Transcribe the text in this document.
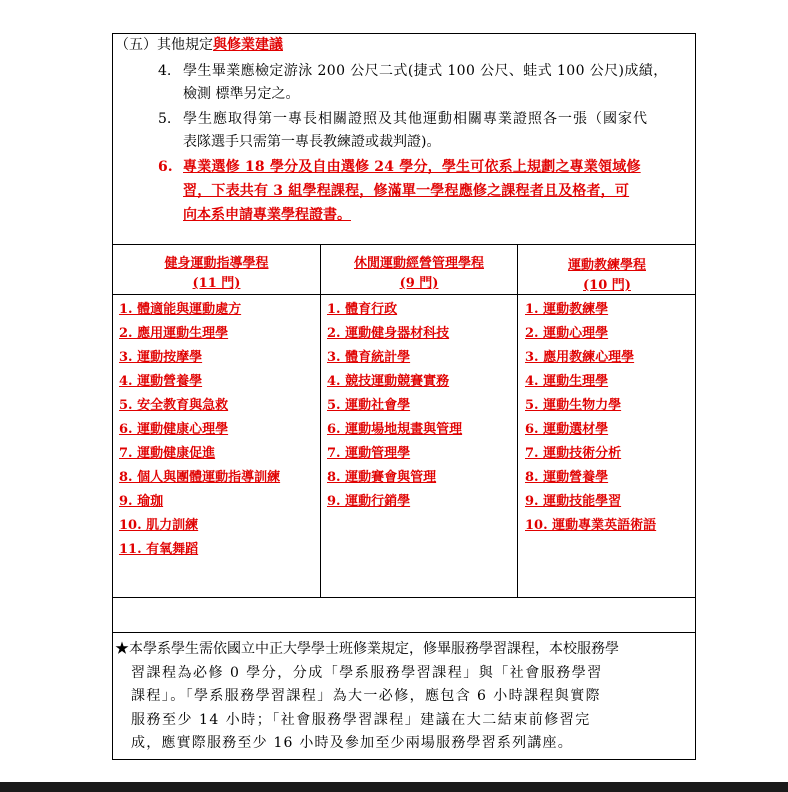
（五）其他規定與修業建議
4. 學生畢業應檢定游泳 200 公尺二式(捷式 100 公尺、蛙式 100 公尺)成績，
檢測 標準另定之。
5. 學生應取得第一專長相關證照及其他運動相關專業證照各一張（國家代
表隊選手只需第一專長教練證或裁判證)。
6. 專業選修 18 學分及自由選修 24 學分，學生可依系上規劃之專業領域修
習，下表共有 3 組學程課程，修滿單一學程應修之課程者且及格者，可
向本系申請專業學程證書。
健身運動指導學程
(11 門)
休閒運動經營管理學程
(9 門)
運動教練學程
(10 門)
1. 體適能與運動處方
2. 應用運動生理學
3. 運動按摩學
4. 運動營養學
5. 安全教育與急救
6. 運動健康心理學
7. 運動健康促進
8. 個人與團體運動指導訓練
9. 瑜珈
10. 肌力訓練
11. 有氧舞蹈
1. 體育行政
2. 運動健身器材科技
3. 體育統計學
4. 競技運動競賽實務
5. 運動社會學
6. 運動場地規畫與管理
7. 運動管理學
8. 運動賽會與管理
9. 運動行銷學
1. 運動教練學
2. 運動心理學
3. 應用教練心理學
4. 運動生理學
5. 運動生物力學
6. 運動選材學
7. 運動技術分析
8. 運動營養學
9. 運動技能學習
10. 運動專業英語術語
★本學系學生需依國立中正大學學士班修業規定，修畢服務學習課程，本校服務學
習課程為必修 0 學分，分成「學系服務學習課程」與「社會服務學習
課程」。「學系服務學習課程」為大一必修，應包含 6 小時課程與實際
服務至少 14 小時；「社會服務學習課程」建議在大二結束前修習完
成，應實際服務至少 16 小時及參加至少兩場服務學習系列講座。
